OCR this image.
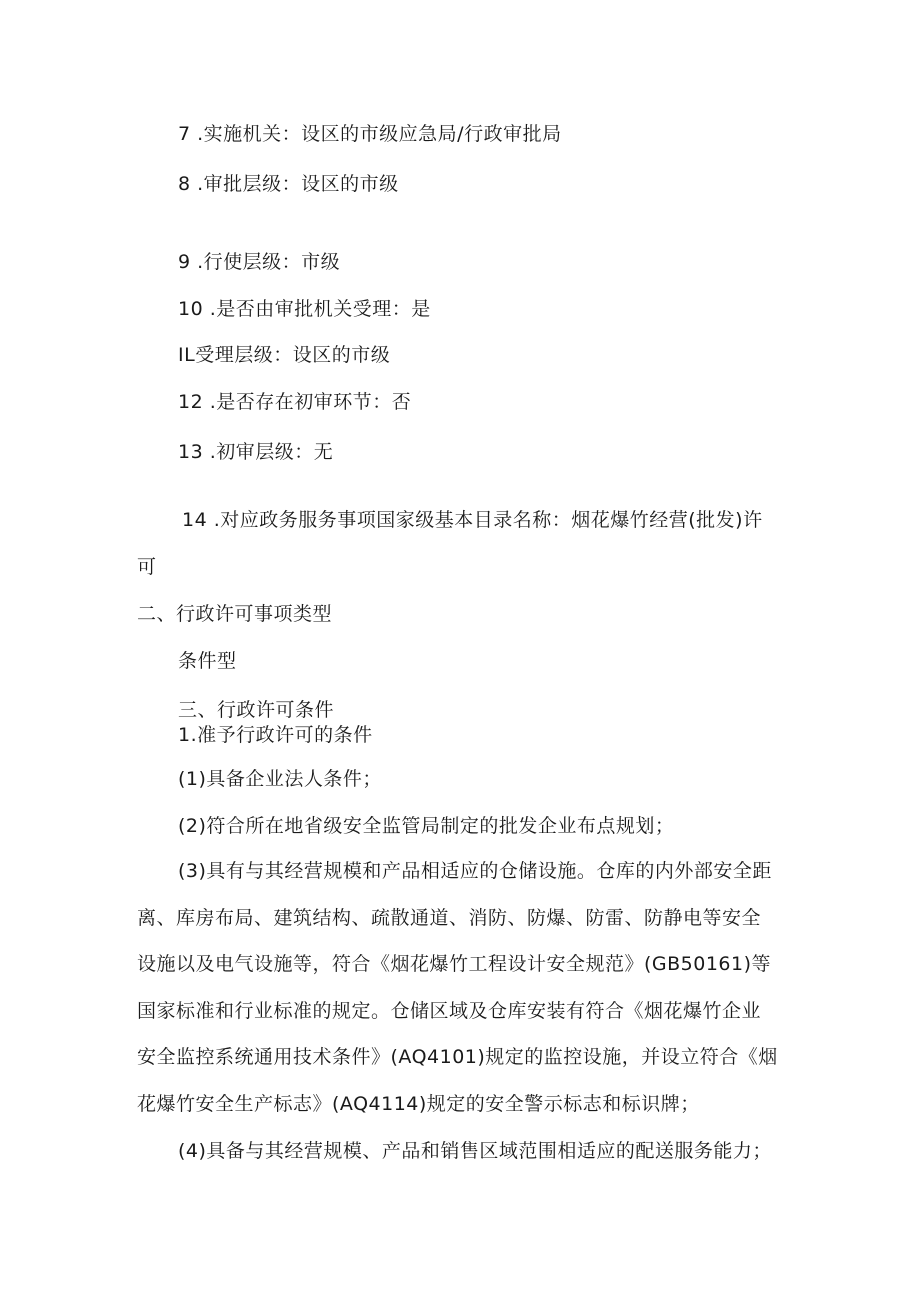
7 .实施机关：设区的市级应急局/行政审批局
8 .审批层级：设区的市级
9 .行使层级：市级
10 .是否由审批机关受理：是
IL受理层级：设区的市级
12 .是否存在初审环节：否
13 .初审层级：无
14 .对应政务服务事项国家级基本目录名称：烟花爆竹经营(批发)许
可
二、行政许可事项类型
条件型
三、行政许可条件
1.准予行政许可的条件
(1)具备企业法人条件；
(2)符合所在地省级安全监管局制定的批发企业布点规划；
(3)具有与其经营规模和产品相适应的仓储设施。仓库的内外部安全距
离、库房布局、建筑结构、疏散通道、消防、防爆、防雷、防静电等安全
设施以及电气设施等，符合《烟花爆竹工程设计安全规范》(GB50161)等
国家标准和行业标准的规定。仓储区域及仓库安装有符合《烟花爆竹企业
安全监控系统通用技术条件》(AQ4101)规定的监控设施，并设立符合《烟
花爆竹安全生产标志》(AQ4114)规定的安全警示标志和标识牌；
(4)具备与其经营规模、产品和销售区域范围相适应的配送服务能力；
